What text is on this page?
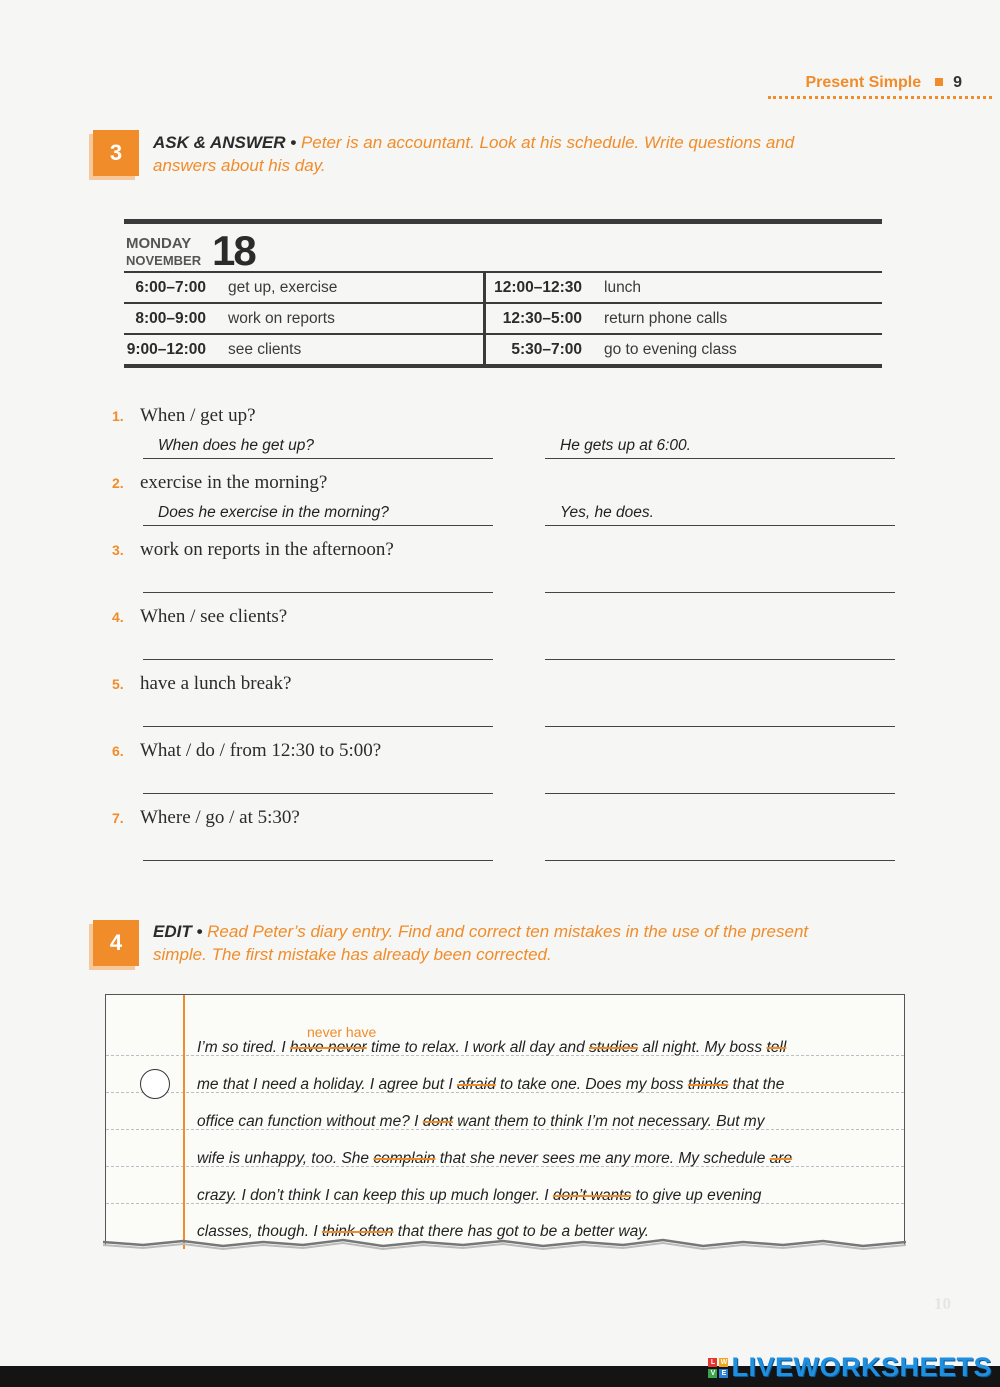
Present Simple 9
3	ASK & ANSWER • Peter is an accountant. Look at his schedule. Write questions and
answers about his day.
MONDAY
NOVEMBER 18
6:00–7:00	get up, exercise		12:00–12:30	lunch
8:00–9:00	work on reports		12:30–5:00	return phone calls
9:00–12:00	see clients		5:30–7:00	go to evening class
1. When / get up?
When does he get up?	He gets up at 6:00.
2. exercise in the morning?
Does he exercise in the morning?	Yes, he does.
3. work on reports in the afternoon?
4. When / see clients?
5. have a lunch break?
6. What / do / from 12:30 to 5:00?
7. Where / go / at 5:30?
4	EDIT • Read Peter’s diary entry. Find and correct ten mistakes in the use of the present
simple. The first mistake has already been corrected.
never have
I’m so tired. I have never time to relax. I work all day and studies all night. My boss tell
me that I need a holiday. I agree but I afraid to take one. Does my boss thinks that the
office can function without me? I dont want them to think I’m not necessary. But my
wife is unhappy, too. She complain that she never sees me any more. My schedule are
crazy. I don’t think I can keep this up much longer. I don’t wants to give up evening
classes, though. I think often that there has got to be a better way.
10
L W
V E LIVEWORKSHEETS
